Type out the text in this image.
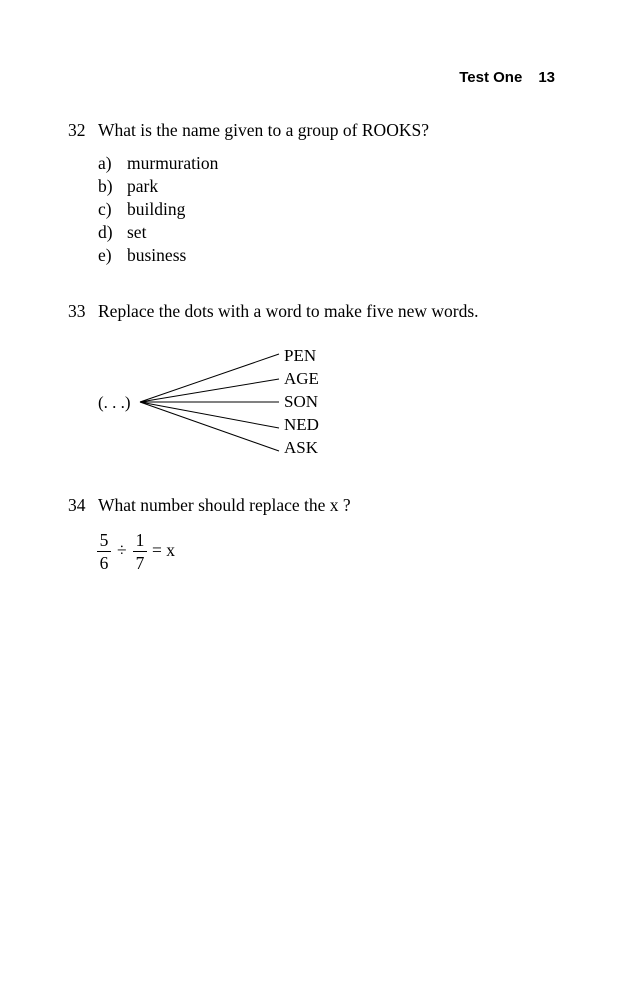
Test One 13
32 What is the name given to a group of ROOKS?
a) murmuration
b) park
c) building
d) set
e) business
33 Replace the dots with a word to make five new words.
(. . .)
PEN
AGE
SON
NED
ASK
34 What number should replace the x ?
5
6
÷ 1
7
= x
